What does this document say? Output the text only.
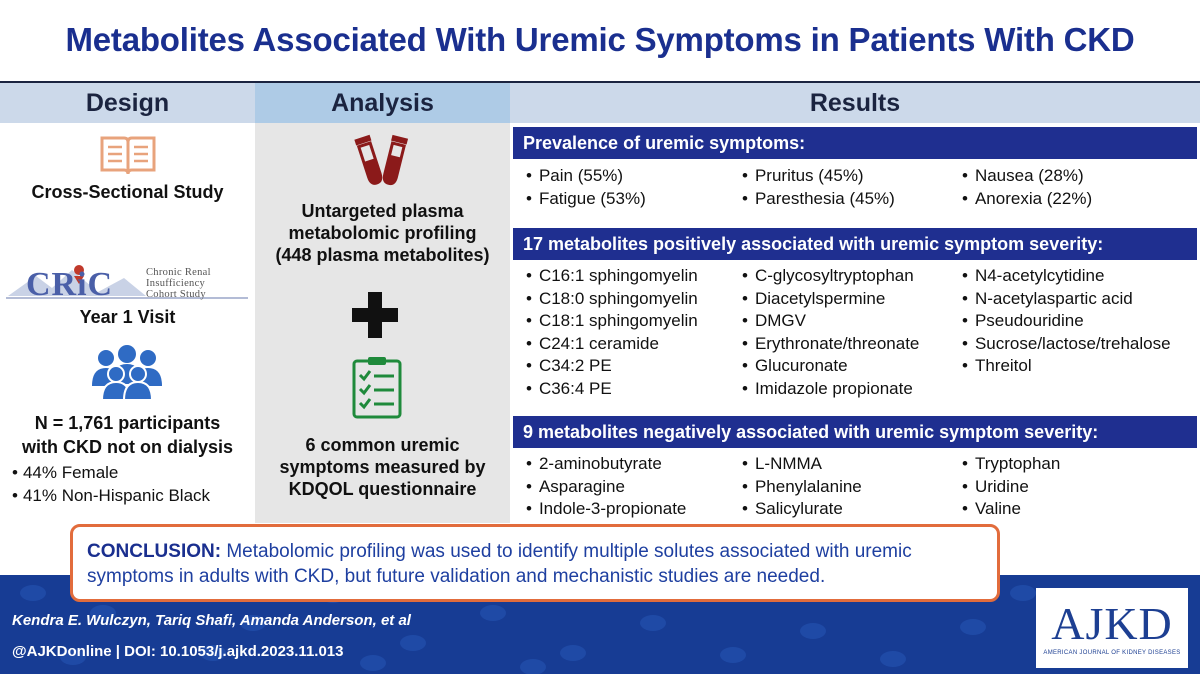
Metabolites Associated With Uremic Symptoms in Patients With CKD
Design	Analysis	Results
Cross-Sectional Study
CRiC	Chronic Renal
Insufficiency
Cohort Study
Year 1 Visit
N = 1,761 participants
with CKD not on dialysis
• 44% Female
• 41% Non-Hispanic Black
Untargeted plasma
metabolomic profiling
(448 plasma metabolites)
6 common uremic
symptoms measured by
KDQOL questionnaire
Prevalence of uremic symptoms:
• Pain (55%)
• Fatigue (53%)
• Pruritus (45%)
• Paresthesia (45%)
• Nausea (28%)
• Anorexia (22%)
17 metabolites positively associated with uremic symptom severity:
• C16:1 sphingomyelin
• C18:0 sphingomyelin
• C18:1 sphingomyelin
• C24:1 ceramide
• C34:2 PE
• C36:4 PE
• C-glycosyltryptophan
• Diacetylspermine
• DMGV
• Erythronate/threonate
• Glucuronate
• Imidazole propionate
• N4-acetylcytidine
• N-acetylaspartic acid
• Pseudouridine
• Sucrose/lactose/trehalose
• Threitol
9 metabolites negatively associated with uremic symptom severity:
• 2-aminobutyrate
• Asparagine
• Indole-3-propionate
• L-NMMA
• Phenylalanine
• Salicylurate
• Tryptophan
• Uridine
• Valine
CONCLUSION: Metabolomic profiling was used to identify multiple solutes associated with uremic symptoms in adults with CKD, but future validation and mechanistic studies are needed.
Kendra E. Wulczyn, Tariq Shafi, Amanda Anderson, et al
@AJKDonline | DOI: 10.1053/j.ajkd.2023.11.013
AJKD
AMERICAN JOURNAL OF KIDNEY DISEASES
